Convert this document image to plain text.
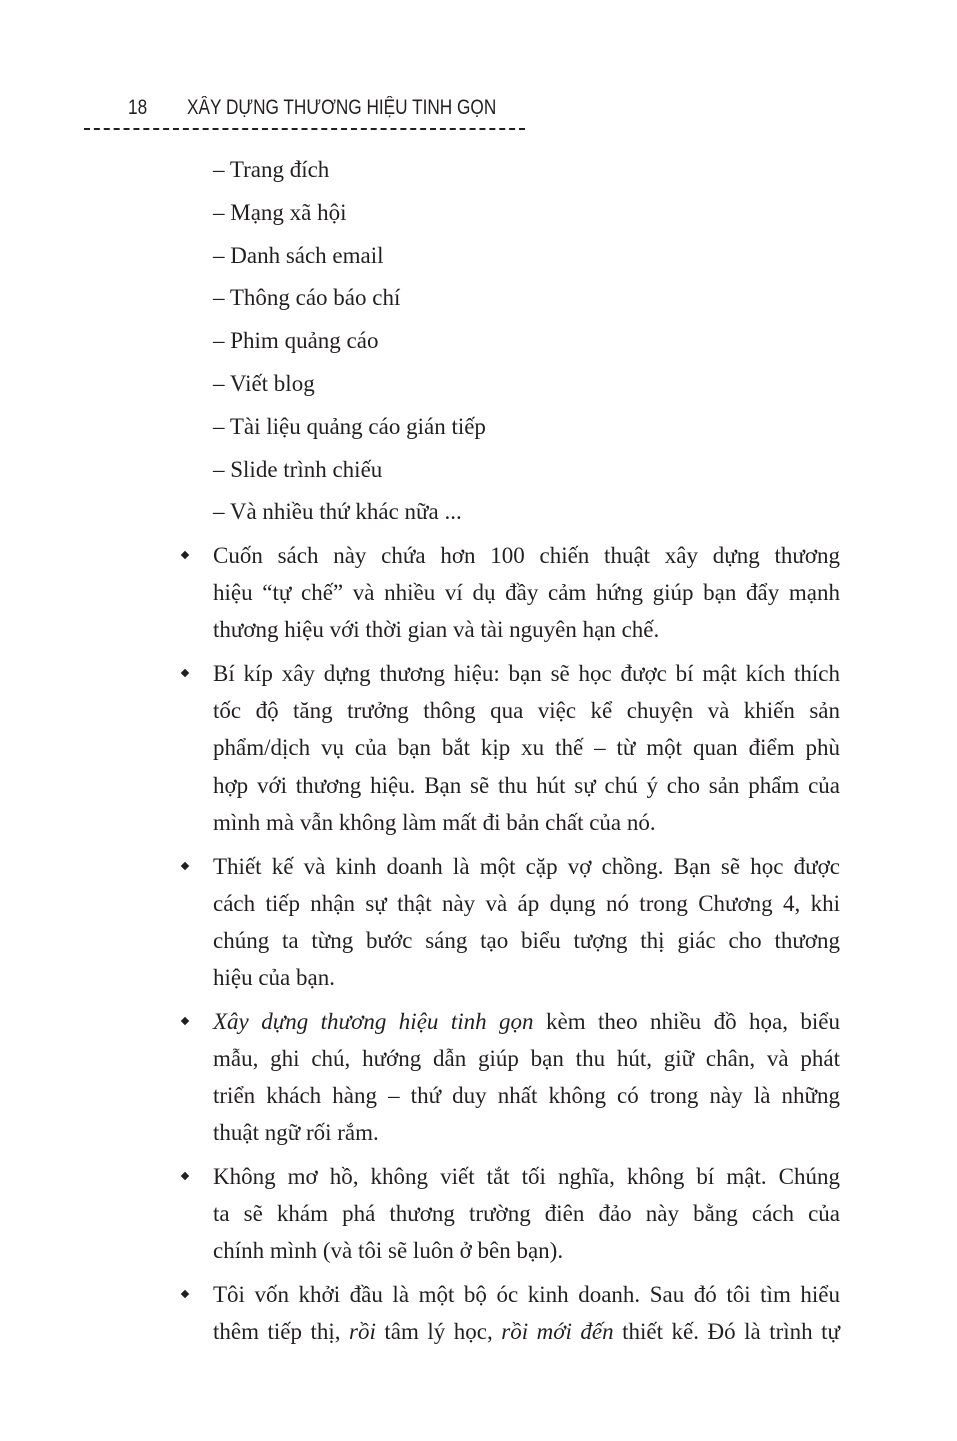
18 XÂY DỰNG THƯƠNG HIỆU TINH GỌN
– Trang đích
– Mạng xã hội
– Danh sách email
– Thông cáo báo chí
– Phim quảng cáo
– Viết blog
– Tài liệu quảng cáo gián tiếp
– Slide trình chiếu
– Và nhiều thứ khác nữa ...
Cuốn sách này chứa hơn 100 chiến thuật xây dựng thương
hiệu “tự chế” và nhiều ví dụ đầy cảm hứng giúp bạn đẩy mạnh
thương hiệu với thời gian và tài nguyên hạn chế.
Bí kíp xây dựng thương hiệu: bạn sẽ học được bí mật kích thích
tốc độ tăng trưởng thông qua việc kể chuyện và khiến sản
phẩm/dịch vụ của bạn bắt kịp xu thế – từ một quan điểm phù
hợp với thương hiệu. Bạn sẽ thu hút sự chú ý cho sản phẩm của
mình mà vẫn không làm mất đi bản chất của nó.
Thiết kế và kinh doanh là một cặp vợ chồng. Bạn sẽ học được
cách tiếp nhận sự thật này và áp dụng nó trong Chương 4, khi
chúng ta từng bước sáng tạo biểu tượng thị giác cho thương
hiệu của bạn.
Xây dựng thương hiệu tinh gọn kèm theo nhiều đồ họa, biểu
mẫu, ghi chú, hướng dẫn giúp bạn thu hút, giữ chân, và phát
triển khách hàng – thứ duy nhất không có trong này là những
thuật ngữ rối rắm.
Không mơ hồ, không viết tắt tối nghĩa, không bí mật. Chúng
ta sẽ khám phá thương trường điên đảo này bằng cách của
chính mình (và tôi sẽ luôn ở bên bạn).
Tôi vốn khởi đầu là một bộ óc kinh doanh. Sau đó tôi tìm hiểu
thêm tiếp thị, rồi tâm lý học, rồi mới đến thiết kế. Đó là trình tự
